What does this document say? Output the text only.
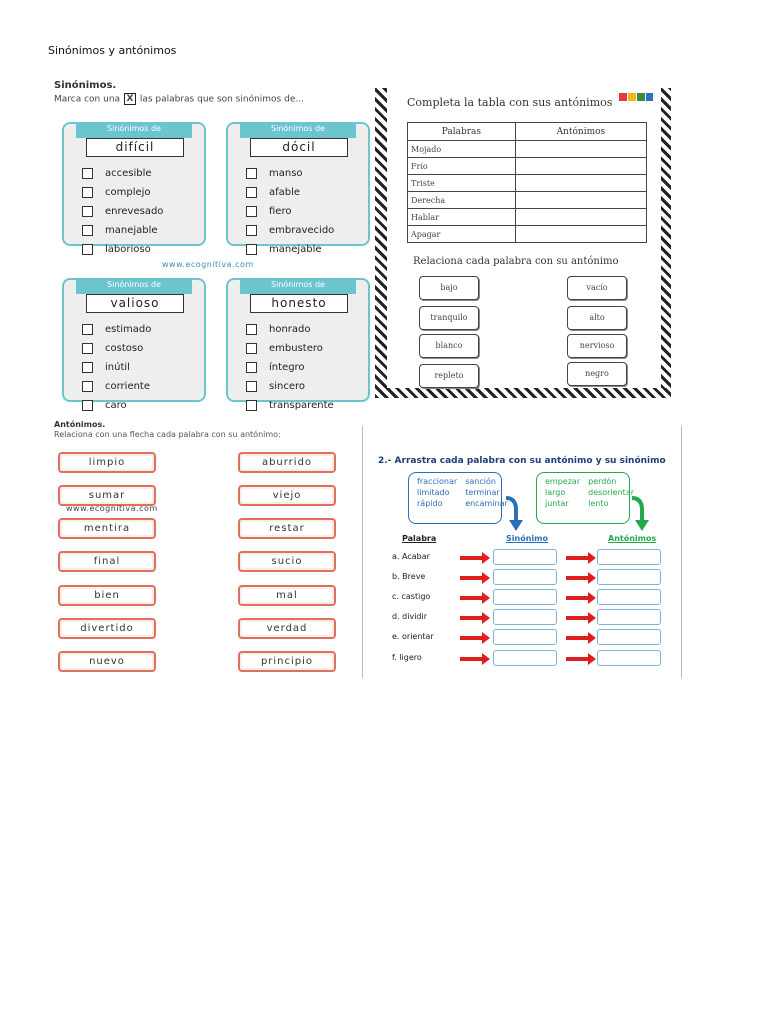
Sinónimos y antónimos
Sinónimos.
Marca con una X las palabras que son sinónimos de...
Sinónimos de
difícil
accesible
complejo
enrevesado
manejable
laborioso
Sinónimos de
dócil
manso
afable
fiero
embravecido
manejable
www.ecognitiva.com
Sinónimos de
valioso
estimado
costoso
inútil
corriente
caro
Sinónimos de
honesto
honrado
embustero
íntegro
sincero
transparente
Completa la tabla con sus antónimos
Palabras	Antónimos
Mojado	
Frío	
Triste	
Derecha	
Hablar	
Apagar	
Relaciona cada palabra con su antónimo
bajo
tranquilo
blanco
repleto
vacío
alto
nervioso
negro
Antónimos.
Relaciona con una flecha cada palabra con su antónimo:
limpio
sumar
mentira
final
bien
divertido
nuevo
www.ecognitiva.com
aburrido
viejo
restar
sucio
mal
verdad
principio
2.- Arrastra cada palabra con su antónimo y su sinónimo
fraccionar sanción
limitado	terminar
rápido	encaminar
empezar perdón
largo	desorientar
juntar	lento
Palabra	Sinónimo	Antónimos
a. Acabar
b. Breve
c. castigo
d. dividir
e. orientar
f. ligero
